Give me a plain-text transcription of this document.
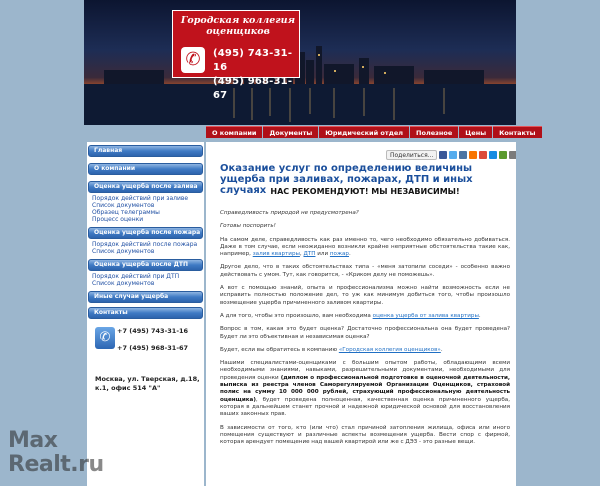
Городская коллегия оценщиков
✆	(495) 743-31-16
(495) 968-31-67
О компании	Документы	Юридический отдел	Полезное	Цены	Контакты
Главная
О компании
Оценка ущерба после залива
Порядок действий при заливе
Список документов
Образец телеграммы
Процесс оценки
Оценка ущерба после пожара
Порядок действий после пожара
Список документов
Оценка ущерба после ДТП
Порядок действий при ДТП
Список документов
Иные случаи ущерба
Контакты
✆	+7 (495) 743-31-16
+7 (495) 968-31-67
Москва, ул. Тверская, д.18, к.1, офис 514 "А"
Поделиться...
Оказание услуг по определению величины ущерба при заливах, пожарах, ДТП и иных случаях НАС РЕКОМЕНДУЮТ! МЫ НЕЗАВИСИМЫ!

Справедливость природой не предусмотрена?

Готовы поспорить!

На самом деле, справедливость как раз именно то, чего необходимо обязательно добиваться. Даже в том случае, если неожиданно возникли крайне неприятные обстоятельства такие как, например, залив квартиры, ДТП или пожар.

Другое дело, что в таких обстоятельствах типа - «меня затопили соседи» - особенно важно действовать с умом. Тут, как говорится, - «Криком делу не поможешь».

А вот с помощью знаний, опыта и профессионализма можно найти возможность если не исправить полностью положение дел, то уж как минимум добиться того, чтобы произошло возмещение ущерба причиненного заливом квартиры.

А для того, чтобы это произошло, вам необходима оценка ущерба от залива квартиры.

Вопрос в том, какая это будет оценка? Достаточно профессиональна она будет проведена? Будет ли это объективная и независимая оценка?

Будет, если вы обратитесь в компанию «Городская коллегия оценщиков».

Нашими специалистами-оценщиками с большим опытом работы, обладающими всеми необходимыми знаниями, навыками, разрешительными документами, необходимыми для проведения оценки (диплом о профессиональной подготовке в оценочной деятельности, выписка из реестра членов Саморегулируемой Организации Оценщиков, страховой полис на сумму 10 000 000 рублей, страхующий профессиональную деятельность оценщика), будет проведена полноценная, качественная оценка причиненного ущерба, которая в дальнейшем станет прочной и надежной юридической основой для восстановления ваших законных прав.

В зависимости от того, кто (или что) стал причиной затопления жилища, офиса или иного помещения существуют и различные аспекты возмещения ущерба. Вести спор с фирмой, которая арендует помещение над вашей квартирой или же с ДЭЗ - это разные вещи.

Max
Realt.ru
